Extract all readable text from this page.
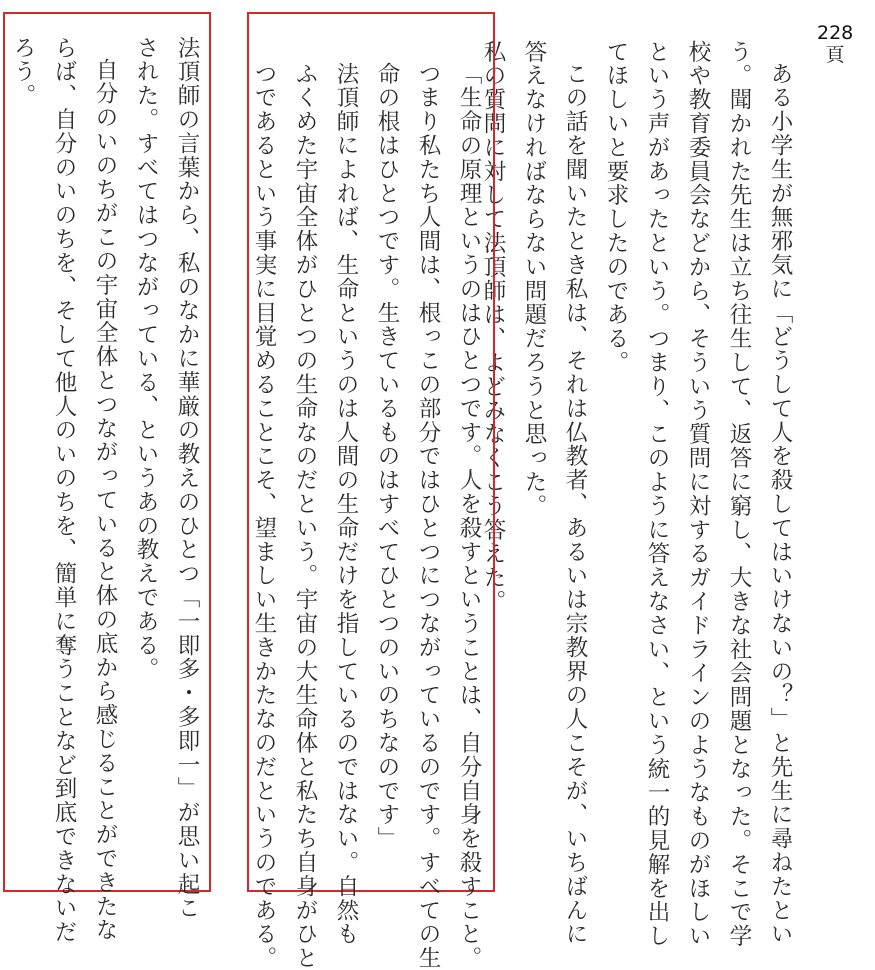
228
頁
ある小学生が無邪気に「どうして人を殺してはいけないの？」と先生に尋ねたとい
う。聞かれた先生は立ち往生して、返答に窮し、大きな社会問題となった。そこで学
校や教育委員会などから、そういう質問に対するガイドラインのようなものがほしい
という声があったという。つまり、このように答えなさい、という統一的見解を出し
てほしいと要求したのである。
この話を聞いたとき私は、それは仏教者、あるいは宗教界の人こそが、いちばんに
答えなければならない問題だろうと思った。
私の質問に対して法頂師は、よどみなくこう答えた。
「生命の原理というのはひとつです。人を殺すということは、自分自身を殺すこと。
つまり私たち人間は、根っこの部分ではひとつにつながっているのです。すべての生
命の根はひとつです。生きているものはすべてひとつのいのちなのです」
法頂師によれば、生命というのは人間の生命だけを指しているのではない。自然も
ふくめた宇宙全体がひとつの生命なのだという。宇宙の大生命体と私たち自身がひと
つであるという事実に目覚めることこそ、望ましい生きかたなのだというのである。
法頂師の言葉から、私のなかに華厳の教えのひとつ「一即多・多即一」が思い起こ
された。すべてはつながっている、というあの教えである。
自分のいのちがこの宇宙全体とつながっていると体の底から感じることができたな
らば、自分のいのちを、そして他人のいのちを、簡単に奪うことなど到底できないだ
ろう。
